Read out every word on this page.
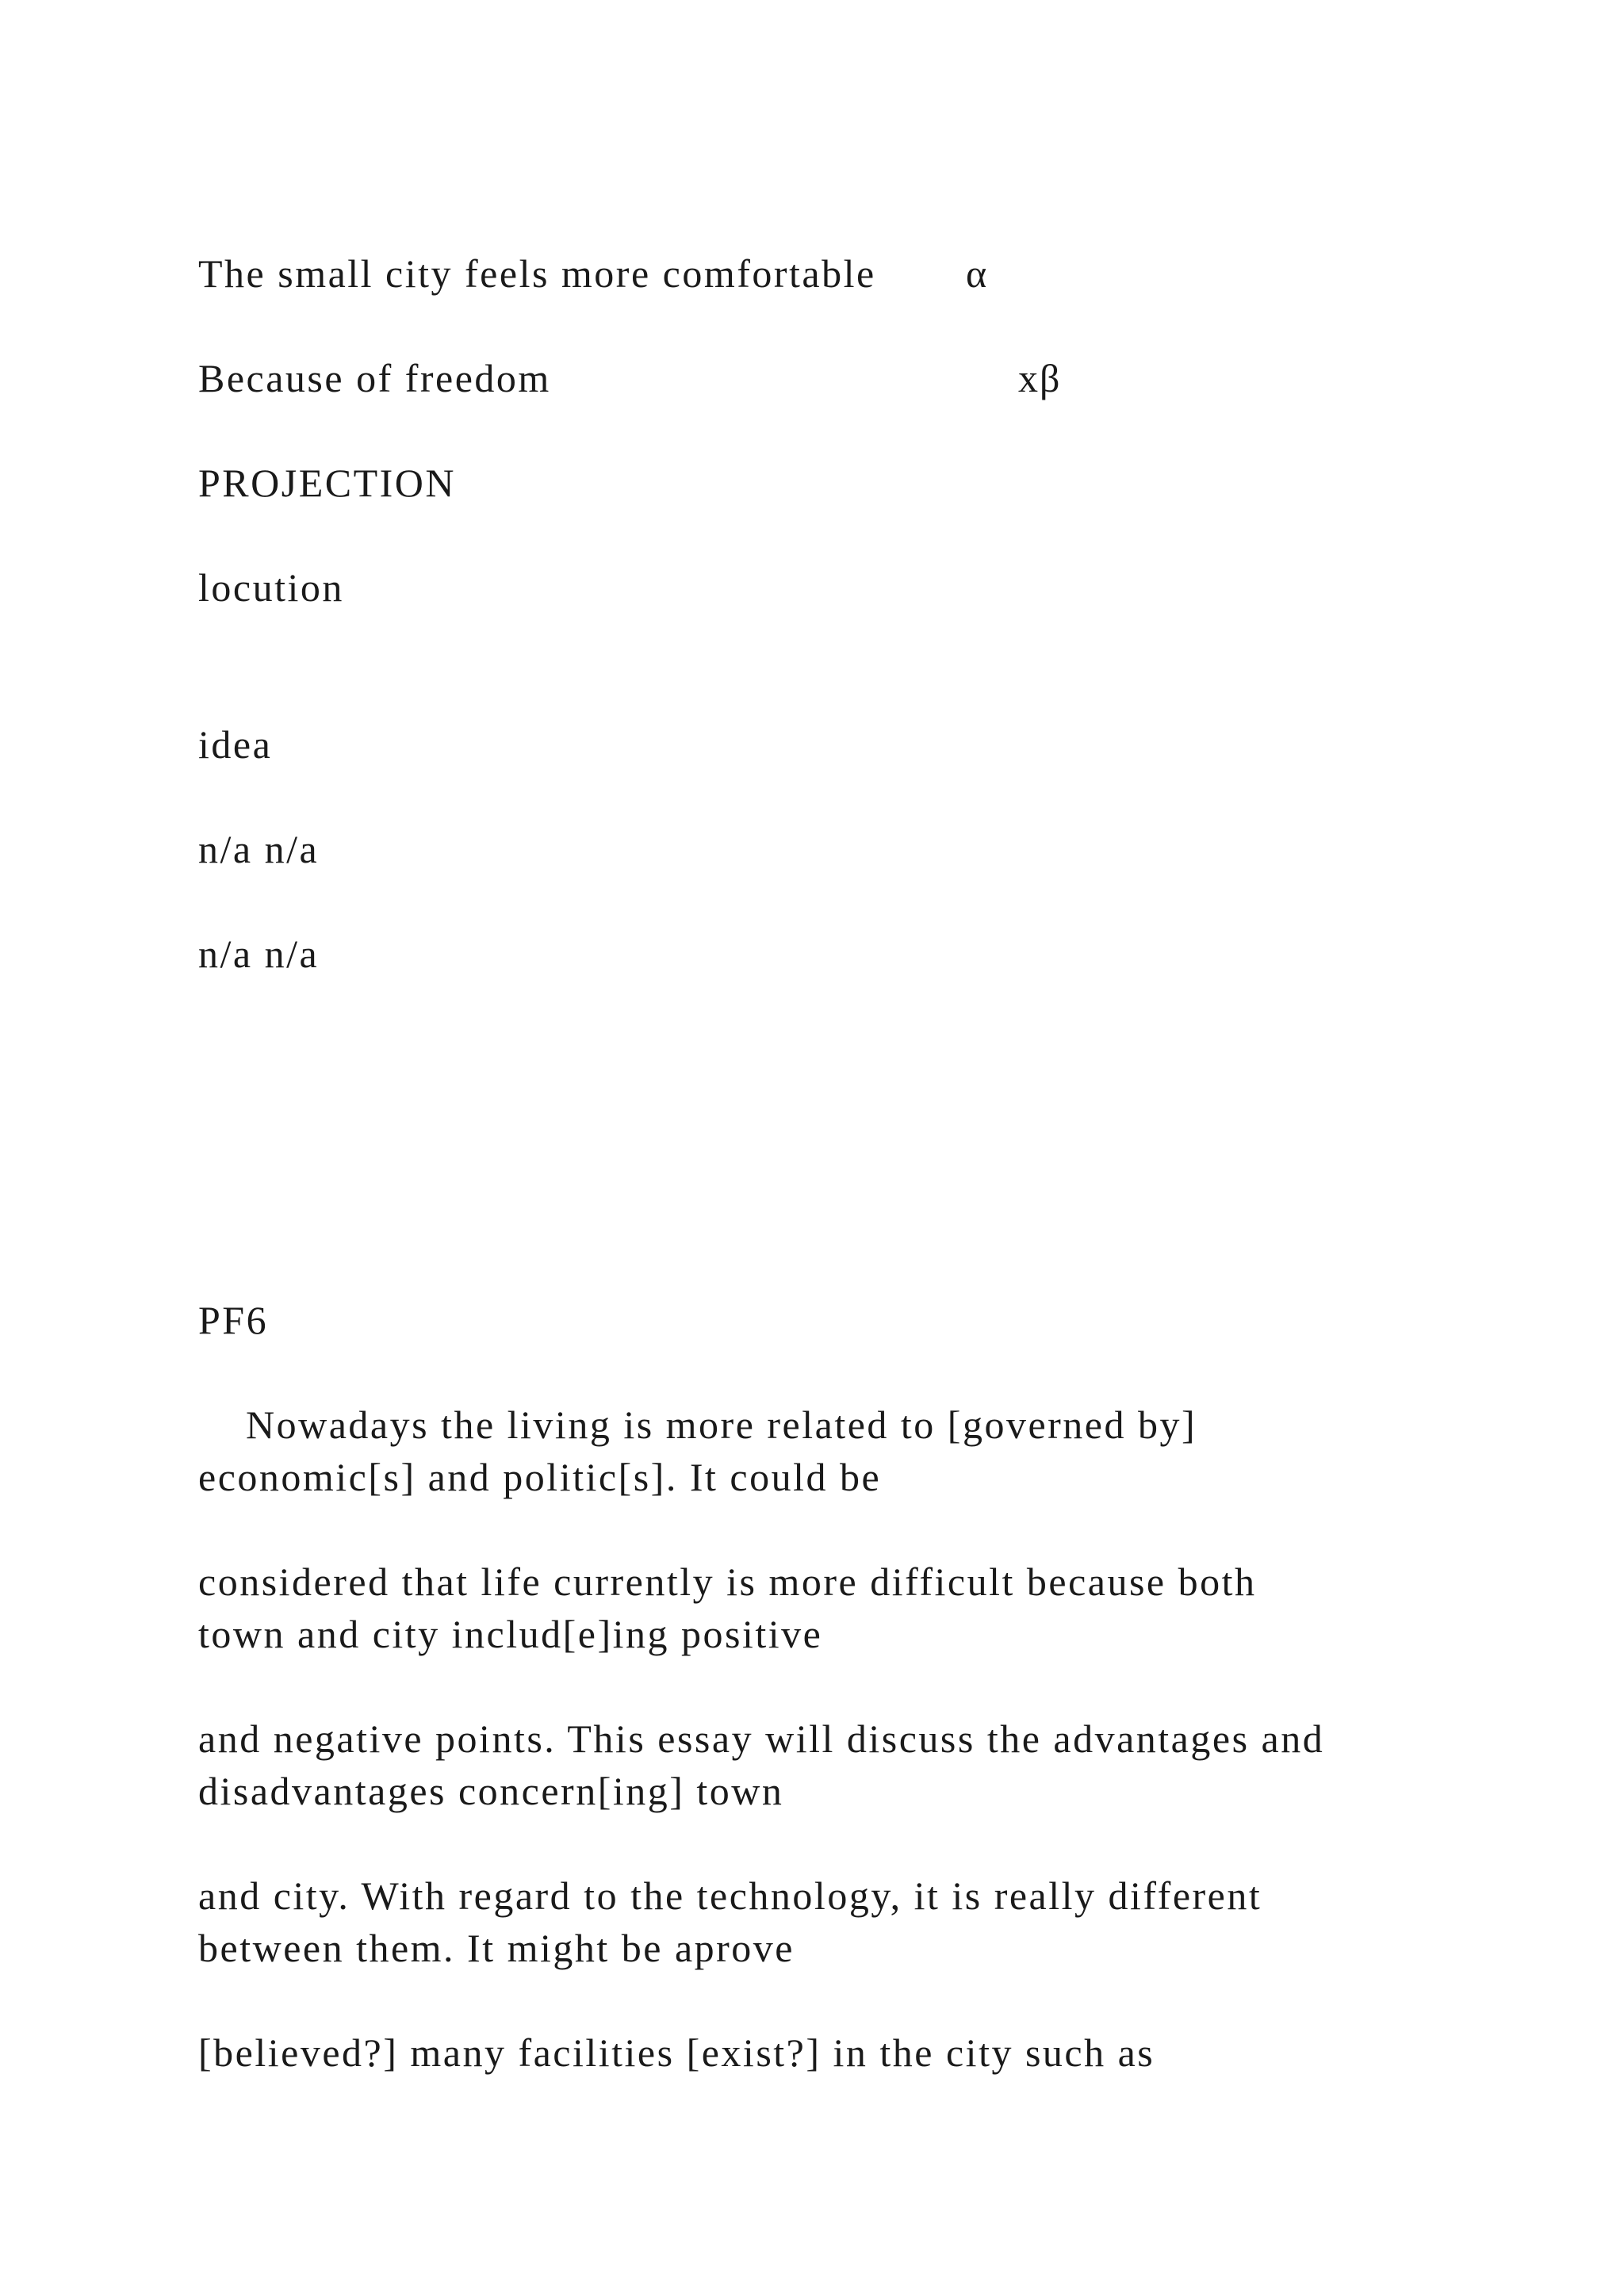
The small city feels more comfortable α

Because of freedom	xβ

PROJECTION

locution

idea

n/a n/a

n/a n/a

PF6

Nowadays the living is more related to [governed by]
economic[s] and politic[s]. It could be
considered that life currently is more difficult because both
town and city includ[e]ing positive
and negative points. This essay will discuss the advantages and
disadvantages concern[ing] town
and city. With regard to the technology, it is really different
between them. It might be aprove
[believed?] many facilities [exist?] in the city such as
